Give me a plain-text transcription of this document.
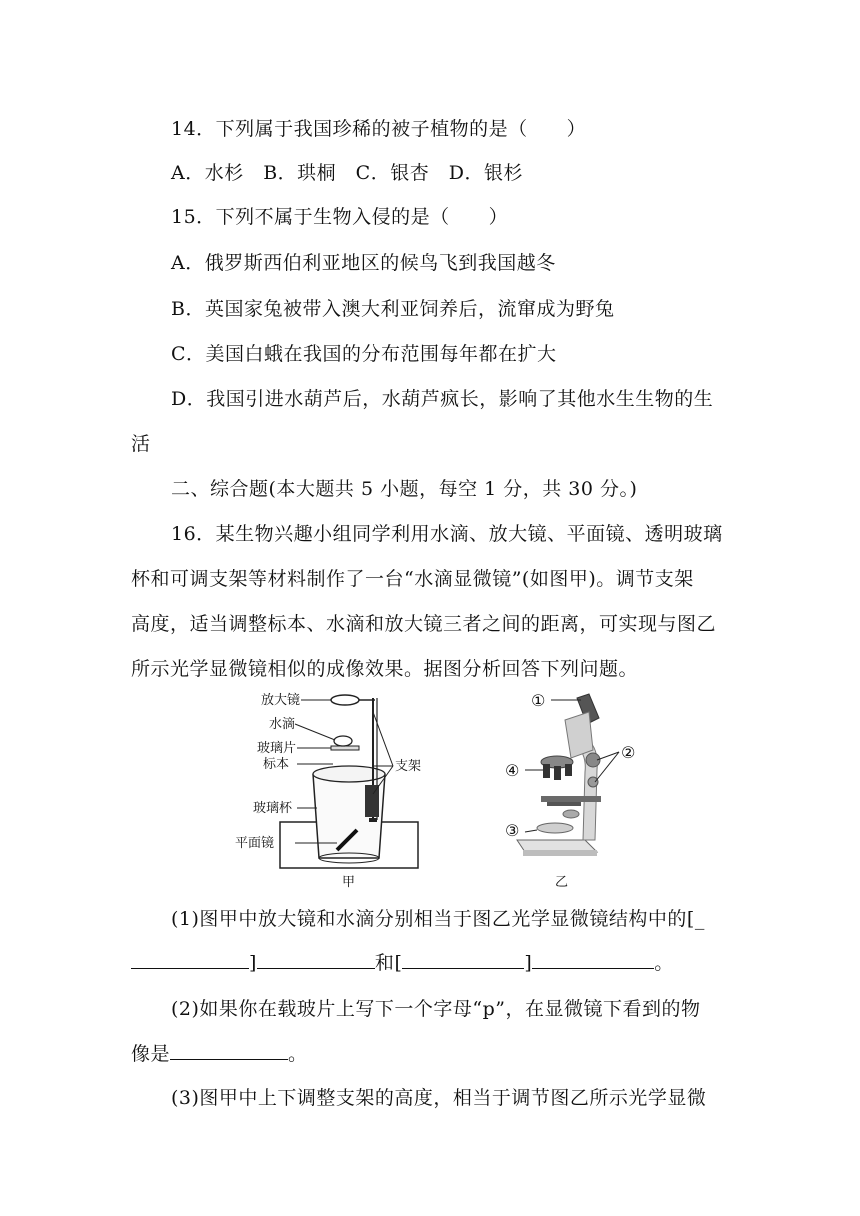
14．下列属于我国珍稀的被子植物的是（　　）
A．水杉　B．珙桐　C．银杏　D．银杉
15．下列不属于生物入侵的是（　　）
A．俄罗斯西伯利亚地区的候鸟飞到我国越冬
B．英国家兔被带入澳大利亚饲养后，流窜成为野兔
C．美国白蛾在我国的分布范围每年都在扩大
D．我国引进水葫芦后，水葫芦疯长，影响了其他水生生物的生
活
二、综合题(本大题共 5 小题，每空 1 分，共 30 分。)
16．某生物兴趣小组同学利用水滴、放大镜、平面镜、透明玻璃
杯和可调支架等材料制作了一台“水滴显微镜”(如图甲)。调节支架
高度，适当调整标本、水滴和放大镜三者之间的距离，可实现与图乙
所示光学显微镜相似的成像效果。据图分析回答下列问题。
放大镜
水滴
玻璃片
标本	支架
玻璃杯
平面镜
甲
①
②
③
④
乙
(1)图甲中放大镜和水滴分别相当于图乙光学显微镜结构中的[_
]	和[	]	。
(2)如果你在载玻片上写下一个字母“p”，在显微镜下看到的物
像是	。
(3)图甲中上下调整支架的高度，相当于调节图乙所示光学显微
